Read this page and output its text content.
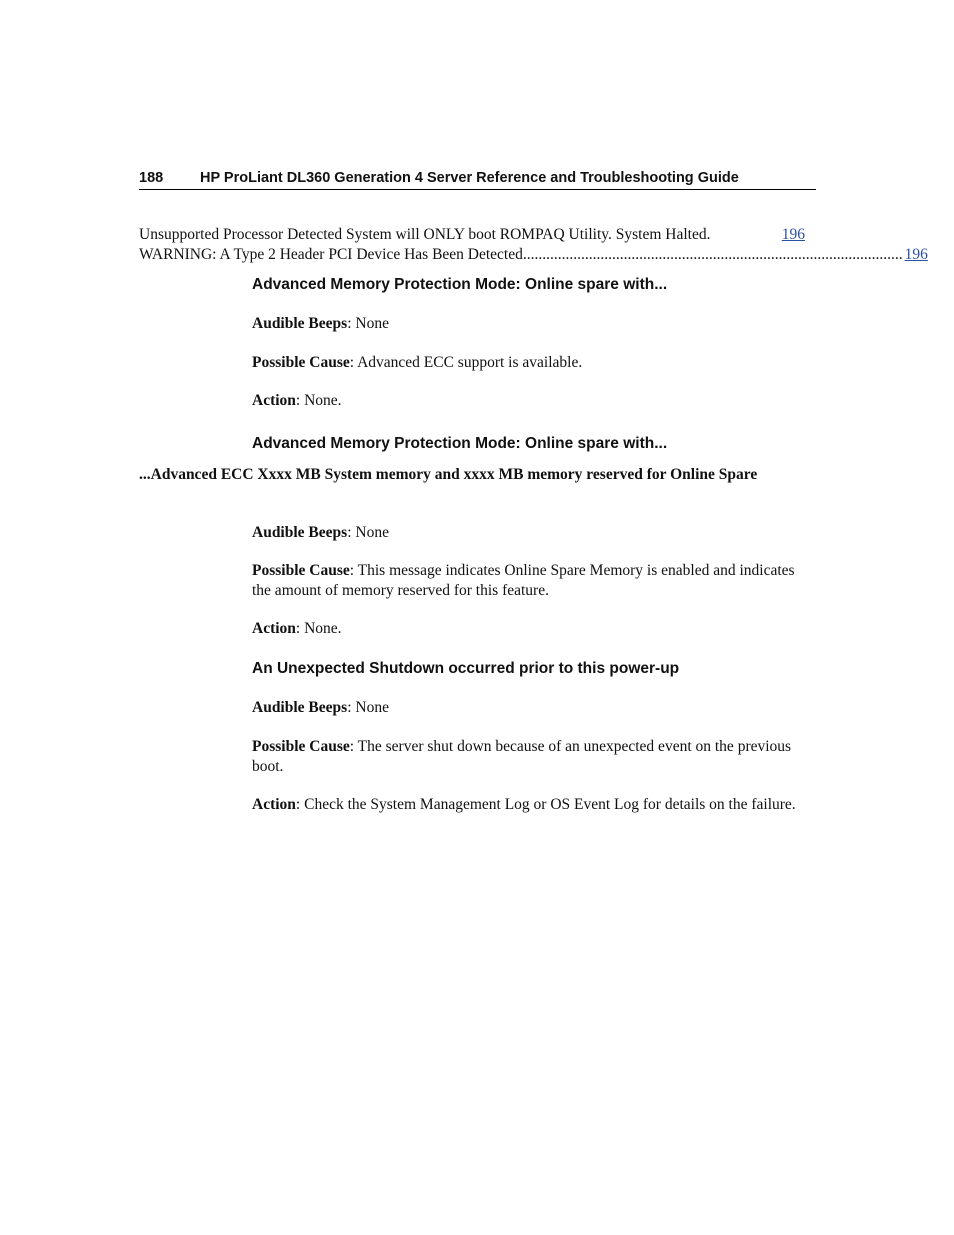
188	HP ProLiant DL360 Generation 4 Server Reference and Troubleshooting Guide
Unsupported Processor Detected System will ONLY boot ROMPAQ Utility. System Halted.	196
WARNING: A Type 2 Header PCI Device Has Been Detected... ............................................................................................... 196
Advanced Memory Protection Mode: Online spare with...
Audible Beeps: None
Possible Cause: Advanced ECC support is available.
Action: None.
Advanced Memory Protection Mode: Online spare with...
...Advanced ECC Xxxx MB System memory and xxxx MB memory reserved for Online Spare
Audible Beeps: None
Possible Cause: This message indicates Online Spare Memory is enabled and indicates the amount of memory reserved for this feature.
Action: None.
An Unexpected Shutdown occurred prior to this power-up
Audible Beeps: None
Possible Cause: The server shut down because of an unexpected event on the previous boot.
Action: Check the System Management Log or OS Event Log for details on the failure.
